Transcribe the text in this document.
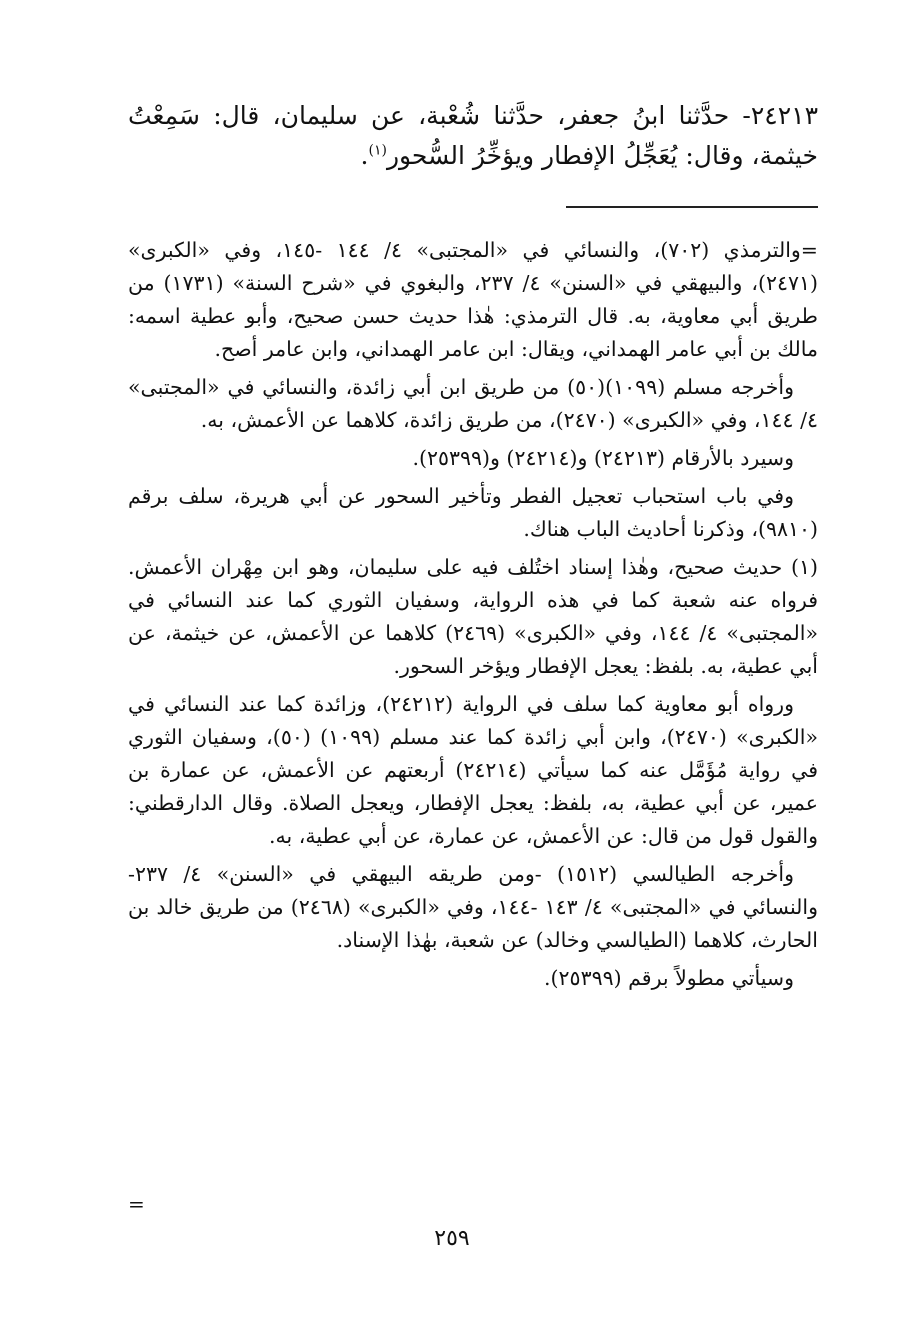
٢٤٢١٣- حدَّثنا ابنُ جعفر، حدَّثنا شُعْبة، عن سليمان، قال: سَمِعْتُ خيثمة، وقال: يُعَجِّلُ الإفطار ويؤخِّرُ السُّحور$^{(١)}$.

=والترمذي (٧٠٢)، والنسائي في «المجتبى» ٤/ ١٤٤ -١٤٥، وفي «الكبرى» (٢٤٧١)، والبيهقي في «السنن» ٤/ ٢٣٧، والبغوي في «شرح السنة» (١٧٣١) من طريق أبي معاوية، به. قال الترمذي: هٰذا حديث حسن صحيح، وأبو عطية اسمه: مالك بن أبي عامر الهمداني، ويقال: ابن عامر الهمداني، وابن عامر أصح.

وأخرجه مسلم (١٠٩٩)(٥٠) من طريق ابن أبي زائدة، والنسائي في «المجتبى» ٤/ ١٤٤، وفي «الكبرى» (٢٤٧٠)، من طريق زائدة، كلاهما عن الأعمش، به.

وسيرد بالأرقام (٢٤٢١٣) و(٢٤٢١٤) و(٢٥٣٩٩).

وفي باب استحباب تعجيل الفطر وتأخير السحور عن أبي هريرة، سلف برقم (٩٨١٠)، وذكرنا أحاديث الباب هناك.

(١) حديث صحيح، وهٰذا إسناد اختُلف فيه على سليمان، وهو ابن مِهْران الأعمش. فرواه عنه شعبة كما في هذه الرواية، وسفيان الثوري كما عند النسائي في «المجتبى» ٤/ ١٤٤، وفي «الكبرى» (٢٤٦٩) كلاهما عن الأعمش، عن خيثمة، عن أبي عطية، به. بلفظ: يعجل الإفطار ويؤخر السحور.

ورواه أبو معاوية كما سلف في الرواية (٢٤٢١٢)، وزائدة كما عند النسائي في «الكبرى» (٢٤٧٠)، وابن أبي زائدة كما عند مسلم (١٠٩٩) (٥٠)، وسفيان الثوري في رواية مُؤَمَّل عنه كما سيأتي (٢٤٢١٤) أربعتهم عن الأعمش، عن عمارة بن عمير، عن أبي عطية، به، بلفظ: يعجل الإفطار، ويعجل الصلاة. وقال الدارقطني: والقول قول من قال: عن الأعمش، عن عمارة، عن أبي عطية، به.

وأخرجه الطيالسي (١٥١٢) -ومن طريقه البيهقي في «السنن» ٤/ ٢٣٧- والنسائي في «المجتبى» ٤/ ١٤٣ -١٤٤، وفي «الكبرى» (٢٤٦٨) من طريق خالد بن الحارث، كلاهما (الطيالسي وخالد) عن شعبة، بهٰذا الإسناد.

وسيأتي مطولاً برقم (٢٥٣٩٩).

=
٢٥٩
